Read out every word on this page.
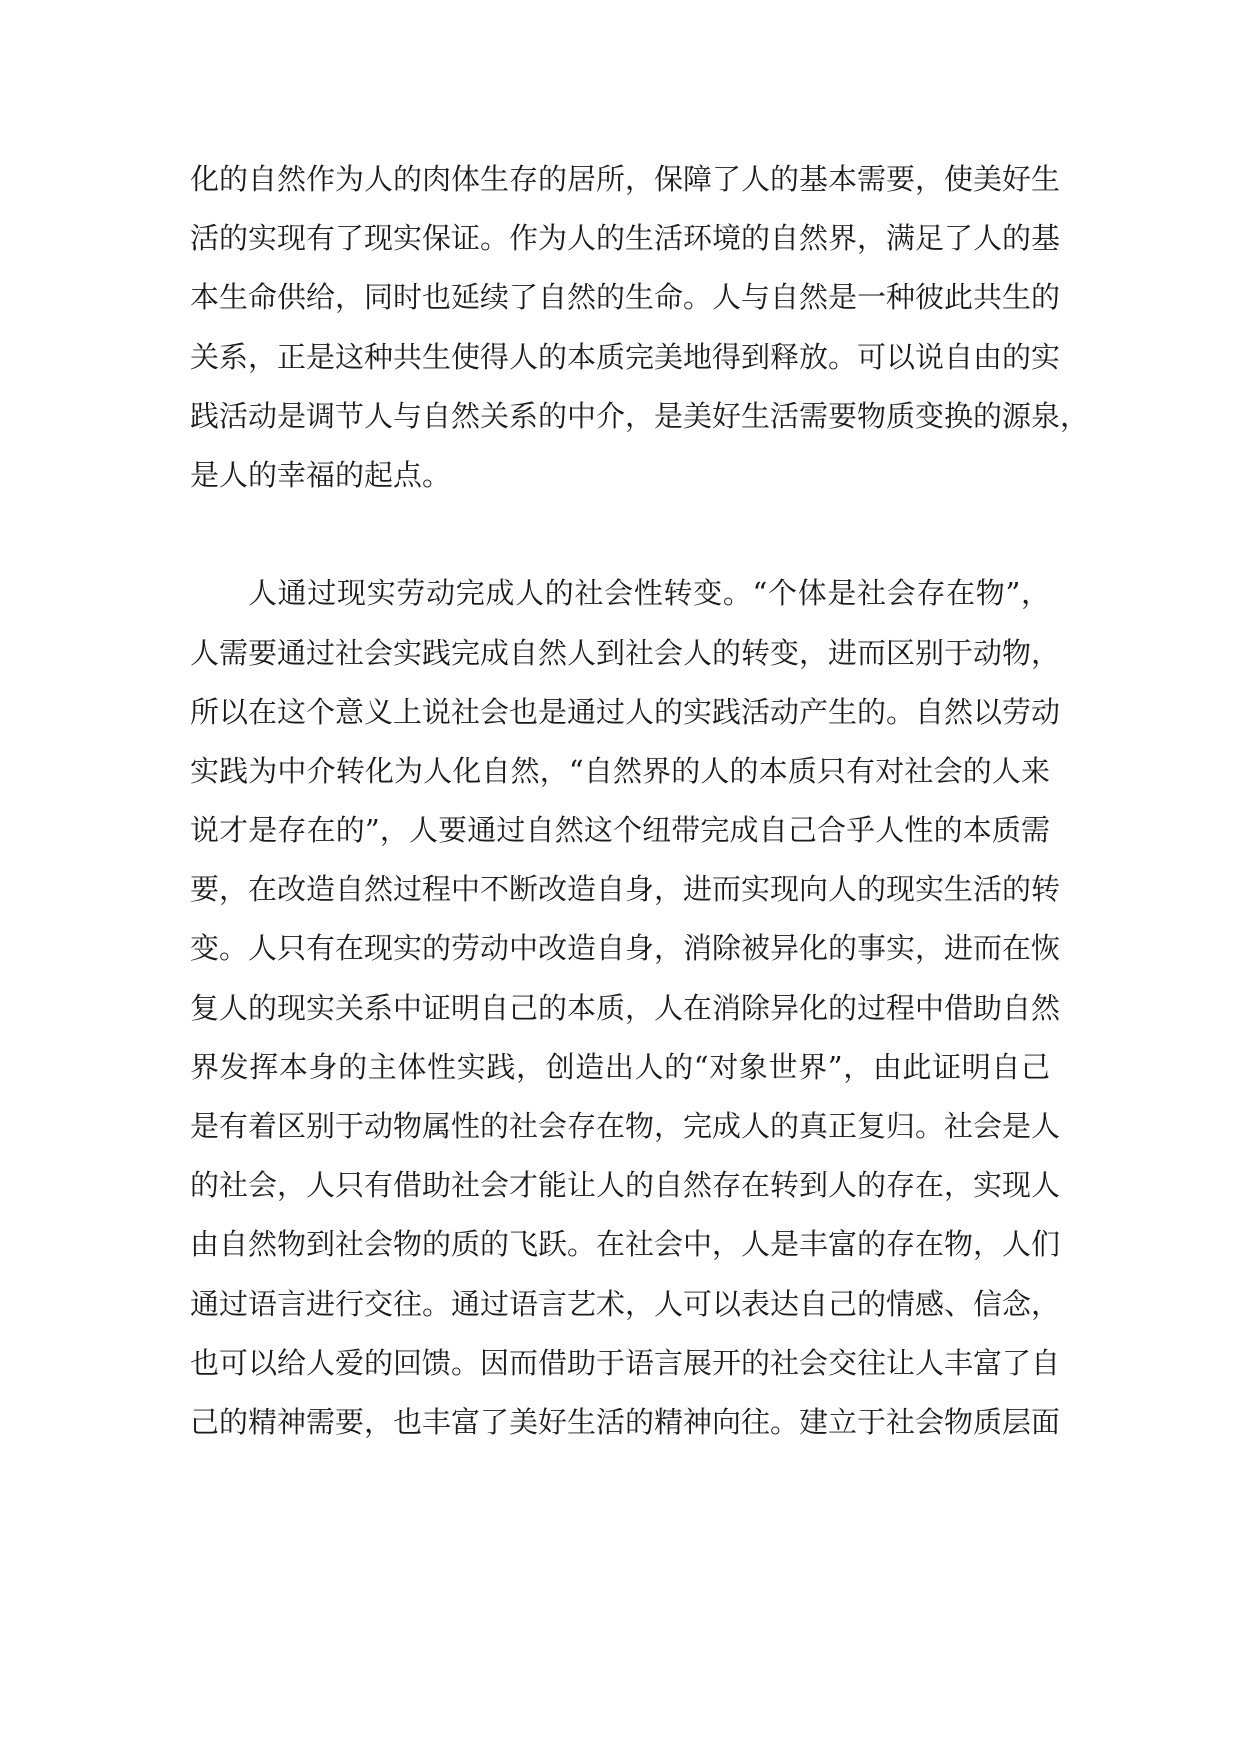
化的自然作为人的肉体生存的居所，保障了人的基本需要，使美好生
活的实现有了现实保证。作为人的生活环境的自然界，满足了人的基
本生命供给，同时也延续了自然的生命。人与自然是一种彼此共生的
关系，正是这种共生使得人的本质完美地得到释放。可以说自由的实
践活动是调节人与自然关系的中介，是美好生活需要物质变换的源泉，
是人的幸福的起点。
人通过现实劳动完成人的社会性转变。“个体是社会存在物”，
人需要通过社会实践完成自然人到社会人的转变，进而区别于动物，
所以在这个意义上说社会也是通过人的实践活动产生的。自然以劳动
实践为中介转化为人化自然，“自然界的人的本质只有对社会的人来
说才是存在的”，人要通过自然这个纽带完成自己合乎人性的本质需
要，在改造自然过程中不断改造自身，进而实现向人的现实生活的转
变。人只有在现实的劳动中改造自身，消除被异化的事实，进而在恢
复人的现实关系中证明自己的本质，人在消除异化的过程中借助自然
界发挥本身的主体性实践，创造出人的“对象世界”，由此证明自己
是有着区别于动物属性的社会存在物，完成人的真正复归。社会是人
的社会，人只有借助社会才能让人的自然存在转到人的存在，实现人
由自然物到社会物的质的飞跃。在社会中，人是丰富的存在物，人们
通过语言进行交往。通过语言艺术，人可以表达自己的情感、信念，
也可以给人爱的回馈。因而借助于语言展开的社会交往让人丰富了自
己的精神需要，也丰富了美好生活的精神向往。建立于社会物质层面
